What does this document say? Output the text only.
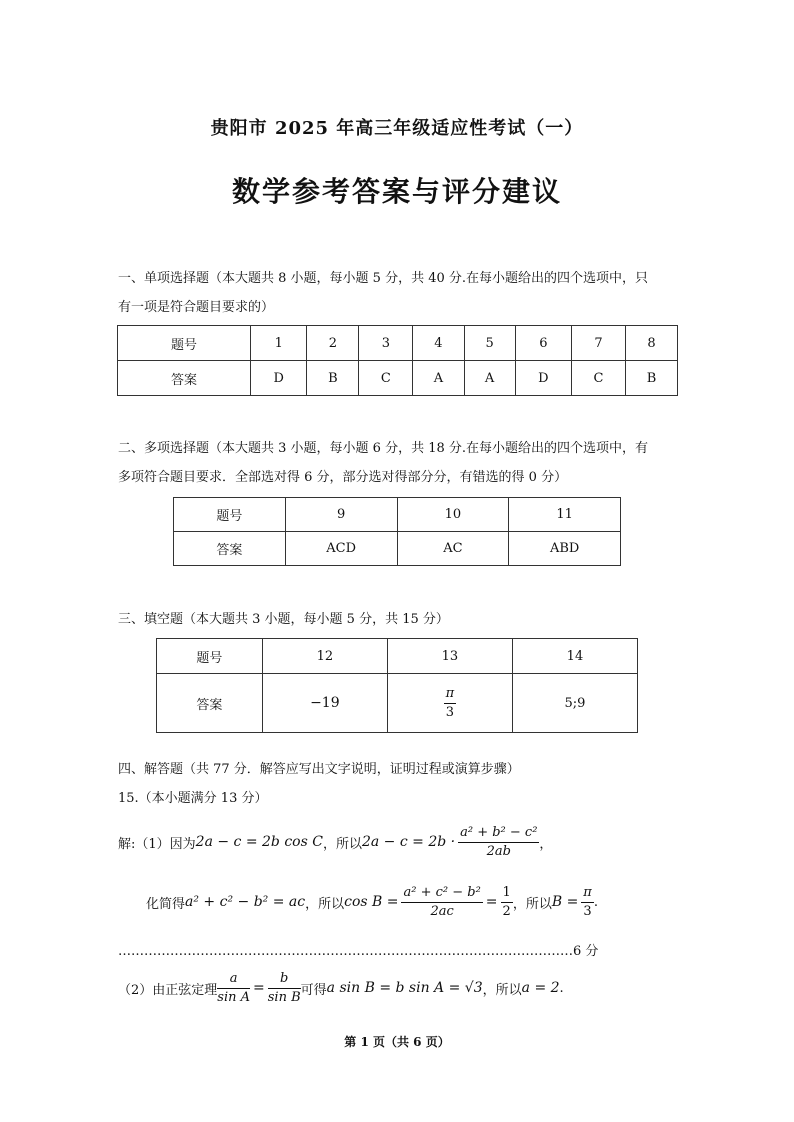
贵阳市 2025 年高三年级适应性考试（一）
数学参考答案与评分建议
一、单项选择题（本大题共 8 小题，每小题 5 分，共 40 分.在每小题给出的四个选项中，只
有一项是符合题目要求的）
题号	1	2	3	4	5	6	7	8
答案	D	B	C	A	A	D	C	B
二、多项选择题（本大题共 3 小题，每小题 6 分，共 18 分.在每小题给出的四个选项中，有
多项符合题目要求．全部选对得 6 分，部分选对得部分分，有错选的得 0 分）
题号	9	10	11
答案	ACD	AC	ABD
三、填空题（本大题共 3 小题，每小题 5 分，共 15 分）
题号	12	13	14
答案	−19	$\frac{\pi}{3}$	5;9
四、解答题（共 77 分．解答应写出文字说明，证明过程或演算步骤）
15.（本小题满分 13 分）
解:（1）因为 2a − c = 2b cos C ，所以 $2a - c = 2b \cdot \frac{\text{a² + b² − c²}}{2ab}$ ，
化简得 a² + c² − b² = ac ，所以 $\cos B = \frac{\text{a² + c² − b²}}{2ac} = \frac{1}{2}$ ，所以 $B = \frac{\pi}{3}$ .
……………………………………………………………………………………………6 分
（2）由正弦定理 $\frac{a}{\text{sin A}} = \frac{b}{\text{sin B}}$ 可得 a sin B = b sin A = √3 ，所以 a = 2 .
第 1 页（共 6 页）
